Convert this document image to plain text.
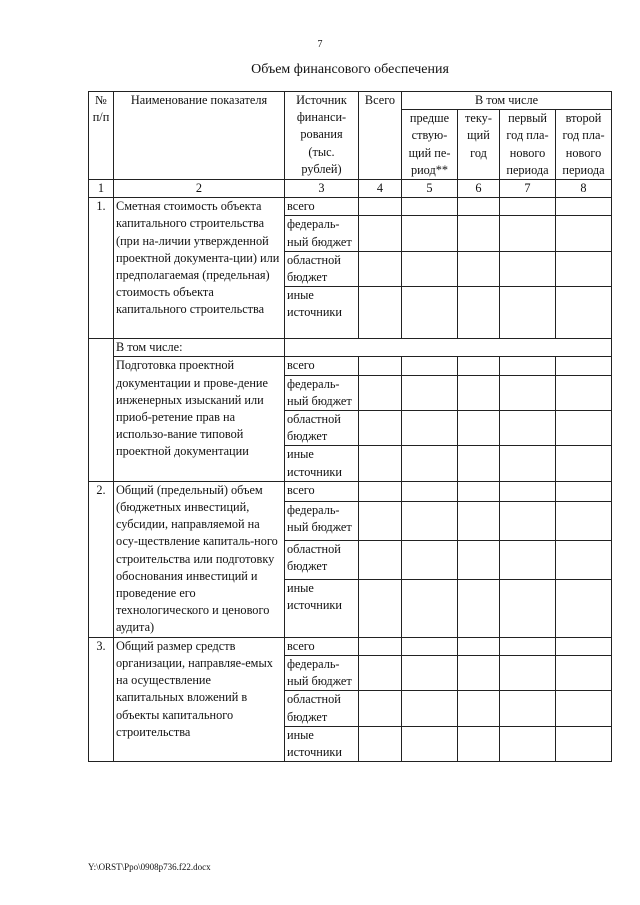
7
Объем финансового обеспечения
№ п/п	Наименование показателя	Источник финанси-рования (тыс. рублей)	Всего	В том числе			
				предше ствую-щий пе-риод**	теку-щий год	первый год пла-нового периода	второй год пла-нового периода
1	2	3	4	5	6	7	8
1.	Сметная стоимость объекта капитального строительства (при на-личии утвержденной проектной документа-ции) или предполагаемая (предельная) стоимость объекта капитального строительства	всего					
		федераль-ный бюджет					
		областной бюджет					
		иные источники					
	В том числе:						
	Подготовка проектной документации и прове-дение инженерных изысканий или приоб-ретение прав на использо-вание типовой проектной документации	всего					
		федераль-ный бюджет					
		областной бюджет					
		иные источники					
2.	Общий (предельный) объем (бюджетных инвестиций, субсидии, направляемой на осу-ществление капиталь-ного строительства или подготовку обоснования инвестиций и проведение его технологического и ценового аудита)	всего					
		федераль-ный бюджет					
		областной бюджет					
		иные источники					
3.	Общий размер средств организации, направляе-емых на осуществление капитальных вложений в объекты капитального строительства	всего					
		федераль-ный бюджет					
		областной бюджет					
		иные источники					
Y:\ORST\Ppo\0908p736.f22.docx
